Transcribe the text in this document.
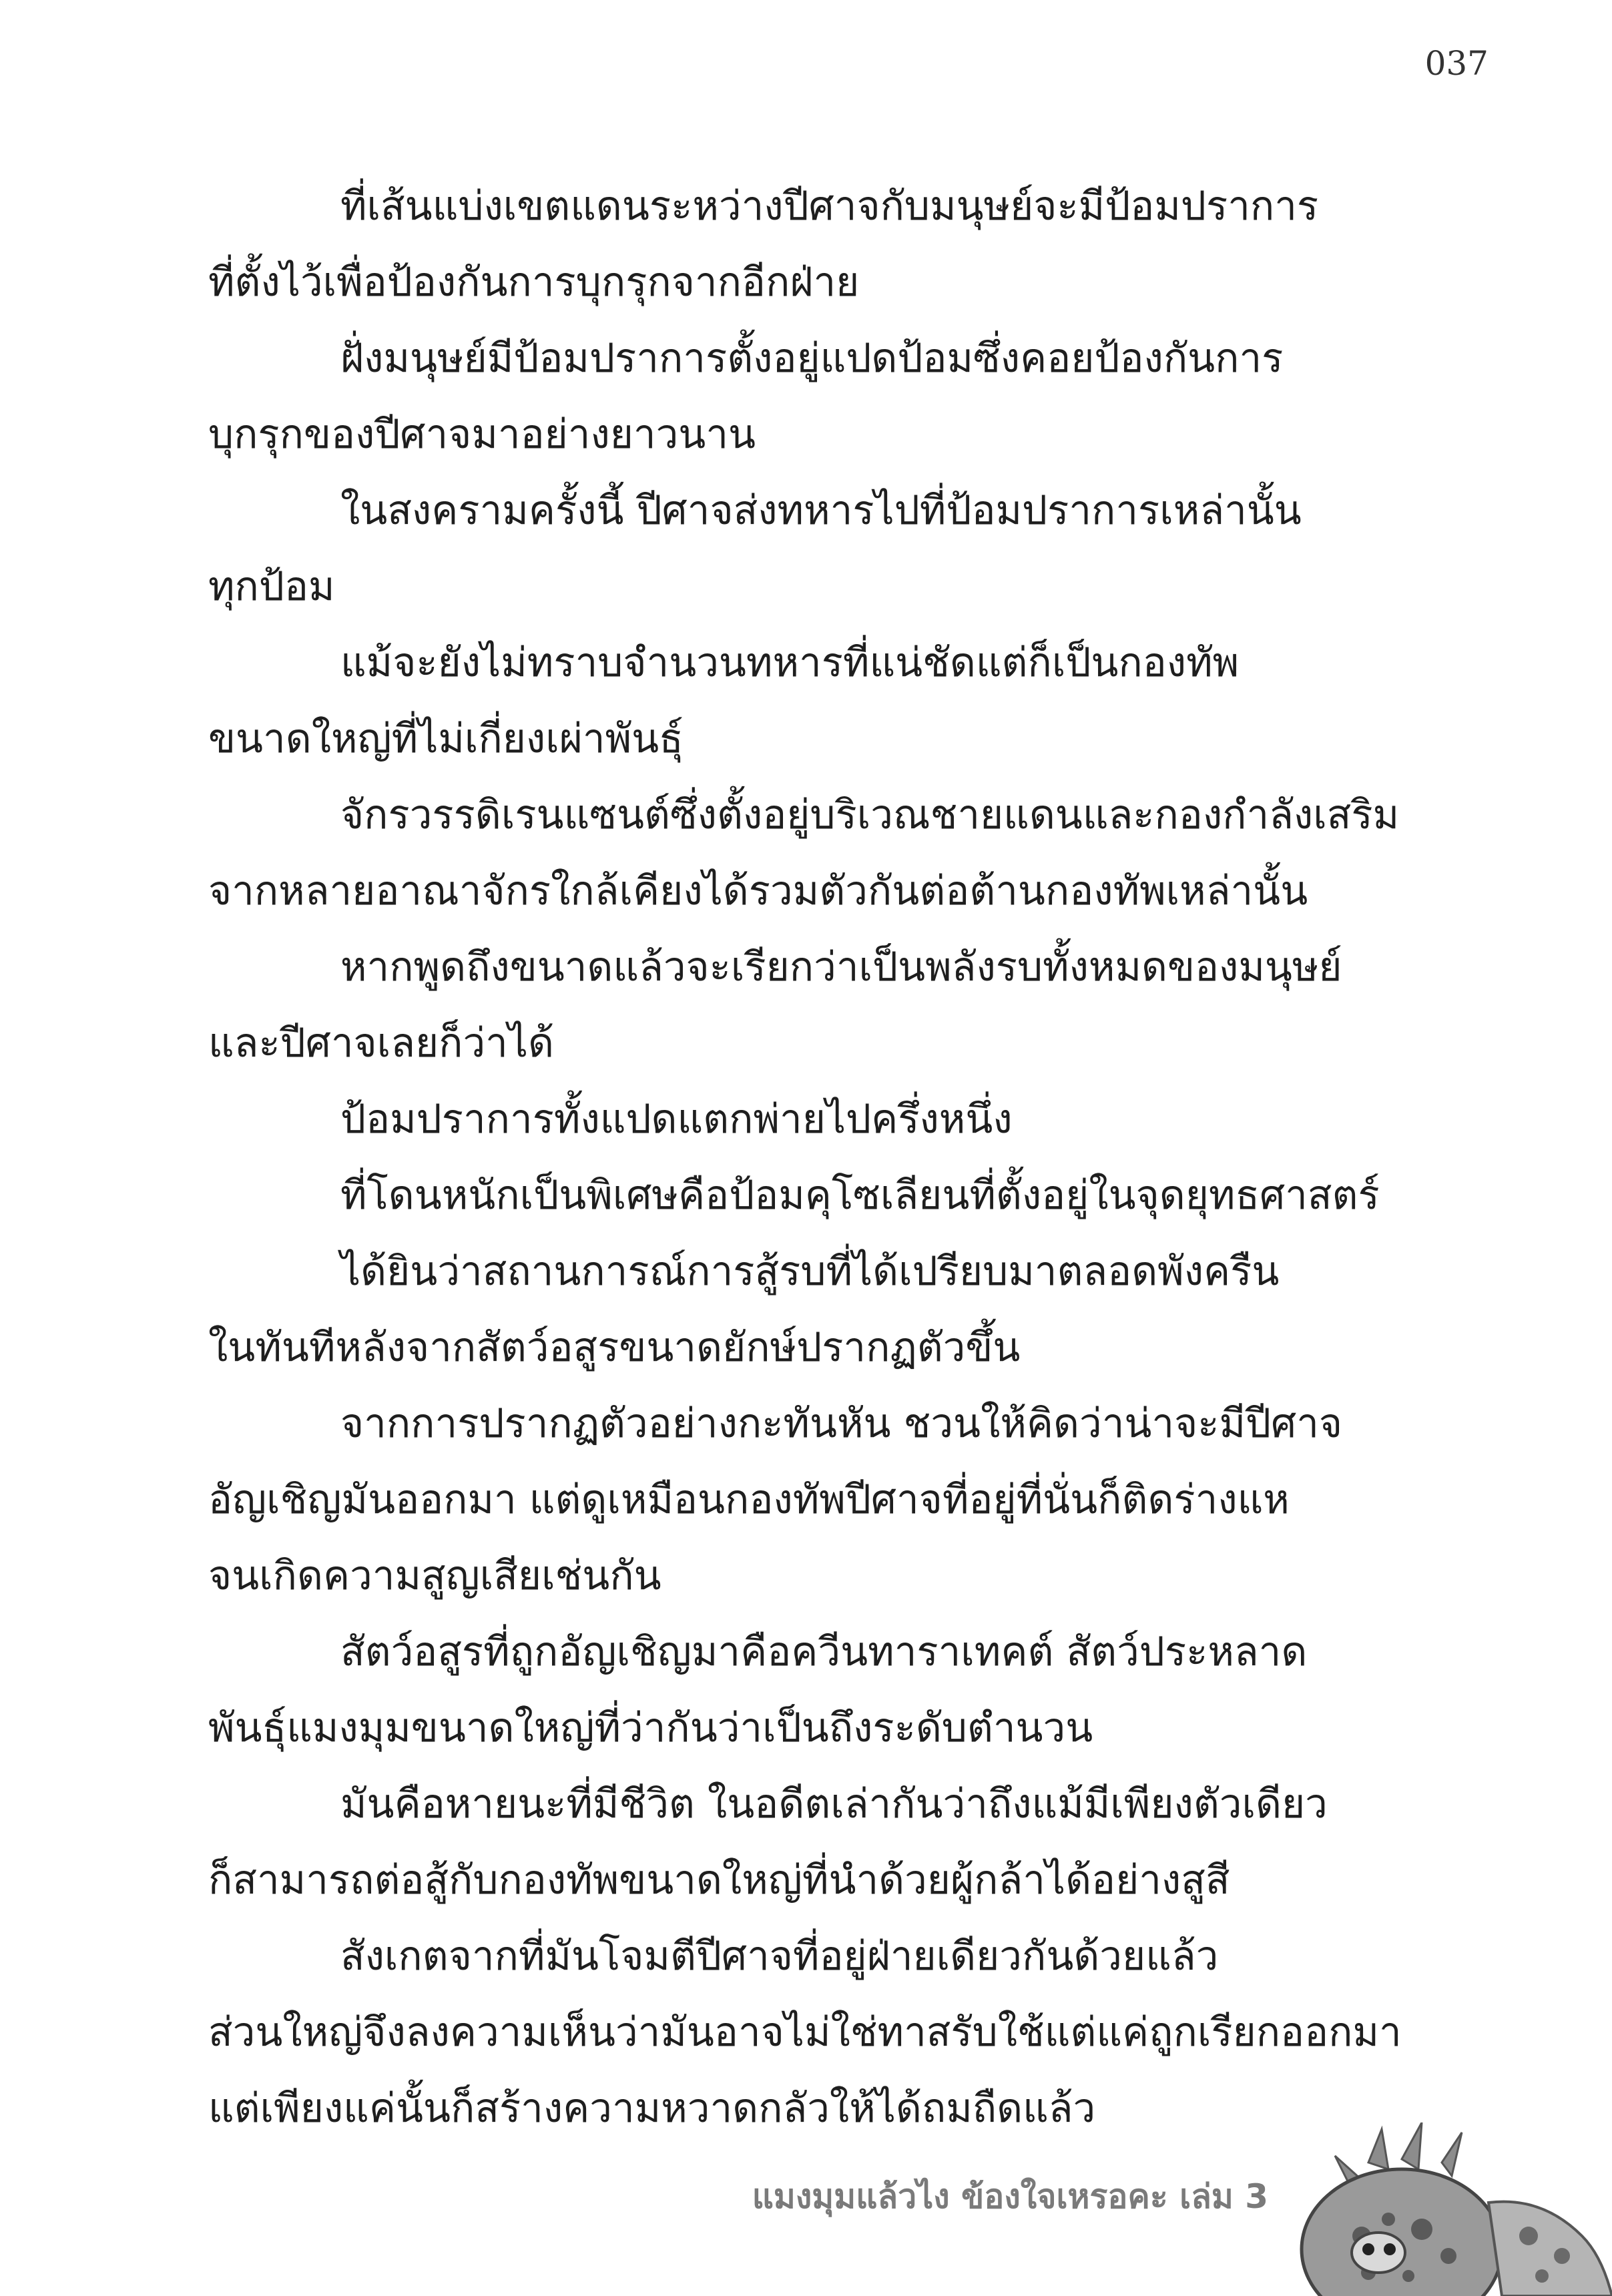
037
ที่เส้นแบ่งเขตแดนระหว่างปีศาจกับมนุษย์จะมีป้อมปราการ
ที่ตั้งไว้เพื่อป้องกันการบุกรุกจากอีกฝ่าย
ฝั่งมนุษย์มีป้อมปราการตั้งอยู่แปดป้อมซึ่งคอยป้องกันการ
บุกรุกของปีศาจมาอย่างยาวนาน
ในสงครามครั้งนี้ ปีศาจส่งทหารไปที่ป้อมปราการเหล่านั้น
ทุกป้อม
แม้จะยังไม่ทราบจำนวนทหารที่แน่ชัดแต่ก็เป็นกองทัพ
ขนาดใหญ่ที่ไม่เกี่ยงเผ่าพันธุ์
จักรวรรดิเรนแซนต์ซึ่งตั้งอยู่บริเวณชายแดนและกองกำลังเสริม
จากหลายอาณาจักรใกล้เคียงได้รวมตัวกันต่อต้านกองทัพเหล่านั้น
หากพูดถึงขนาดแล้วจะเรียกว่าเป็นพลังรบทั้งหมดของมนุษย์
และปีศาจเลยก็ว่าได้
ป้อมปราการทั้งแปดแตกพ่ายไปครึ่งหนึ่ง
ที่โดนหนักเป็นพิเศษคือป้อมคุโซเลียนที่ตั้งอยู่ในจุดยุทธศาสตร์
ได้ยินว่าสถานการณ์การสู้รบที่ได้เปรียบมาตลอดพังครืน
ในทันทีหลังจากสัตว์อสูรขนาดยักษ์ปรากฏตัวขึ้น
จากการปรากฏตัวอย่างกะทันหัน ชวนให้คิดว่าน่าจะมีปีศาจ
อัญเชิญมันออกมา แต่ดูเหมือนกองทัพปีศาจที่อยู่ที่นั่นก็ติดร่างแห
จนเกิดความสูญเสียเช่นกัน
สัตว์อสูรที่ถูกอัญเชิญมาคือควีนทาราเทคต์ สัตว์ประหลาด
พันธุ์แมงมุมขนาดใหญ่ที่ว่ากันว่าเป็นถึงระดับตำนวน
มันคือหายนะที่มีชีวิต ในอดีตเล่ากันว่าถึงแม้มีเพียงตัวเดียว
ก็สามารถต่อสู้กับกองทัพขนาดใหญ่ที่นำด้วยผู้กล้าได้อย่างสูสี
สังเกตจากที่มันโจมตีปีศาจที่อยู่ฝ่ายเดียวกันด้วยแล้ว
ส่วนใหญ่จึงลงความเห็นว่ามันอาจไม่ใช่ทาสรับใช้แต่แค่ถูกเรียกออกมา
แต่เพียงแค่นั้นก็สร้างความหวาดกลัวให้ได้ถมถืดแล้ว
แมงมุมแล้วไง ข้องใจเหรอคะ เล่ม 3
